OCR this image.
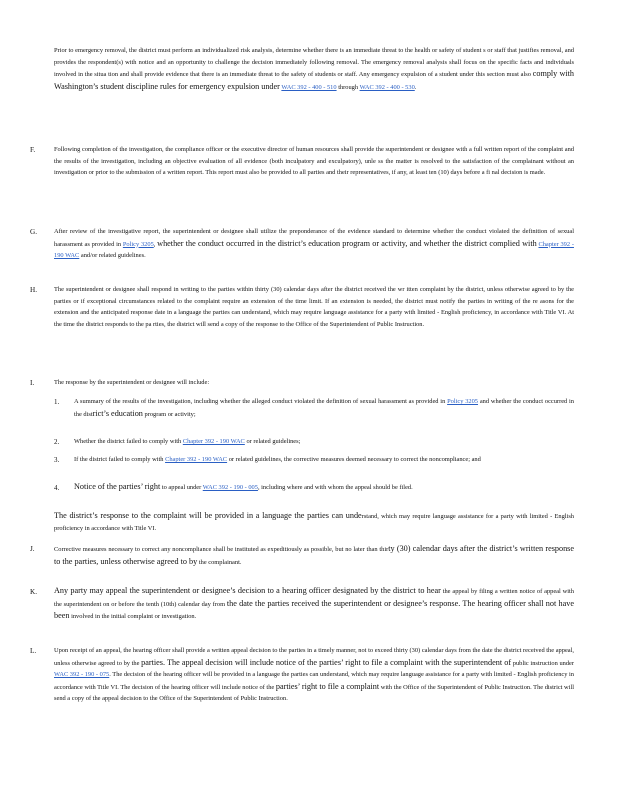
Prior to emergency removal, the district must perform an individualized risk analysis, determine whether there is an immediate threat to the health or safety of student s or staff that justifies removal, and provides the respondent(s) with notice and an opportunity to challenge the decision immediately following removal. The emergency removal analysis shall focus on the specific facts and individuals involved in the situa tion and shall provide evidence that there is an immediate threat to the safety of students or staff. Any emergency expulsion of a student under this section must also comply with Washington’s student discipline rules for emergency expulsion under WAC 392 - 400 - 510 through WAC 392 - 400 - 530.
F.	Following completion of the investigation, the compliance officer or the executive director of human resources shall provide the superintendent or designee with a full written report of the complaint and the results of the investigation, including an objective evaluation of all evidence (both inculpatory and exculpatory), unle ss the matter is resolved to the satisfaction of the complainant without an investigation or prior to the submission of a written report. This report must also be provided to all parties and their representatives, if any, at least ten (10) days before a fi nal decision is made.
G.	After review of the investigative report, the superintendent or designee shall utilize the preponderance of the evidence standard to determine whether the conduct violated the definition of sexual harassment as provided in Policy 3205, whether the conduct occurred in the district’s education program or activity, and whether the district complied with Chapter 392 - 190 WAC and/or related guidelines.
H.	The superintendent or designee shall respond in writing to the parties within thirty (30) calendar days after the district received the wr itten complaint by the district, unless otherwise agreed to by the parties or if exceptional circumstances related to the complaint require an extension of the time limit. If an extension is needed, the district must notify the parties in writing of the re asons for the extension and the anticipated response date in a language the parties can understand, which may require language assistance for a party with limited - English proficiency, in accordance with Title VI. At the time the district responds to the pa rties, the district will send a copy of the response to the Office of the Superintendent of Public Instruction.
I.	The response by the superintendent or designee will include:
1. A summary of the results of the investigation, including whether the alleged conduct violated the definition of sexual harassment as provided in Policy 3205 and whether the conduct occurred in the district’s education program or activity;
2. Whether the district failed to comply with Chapter 392 - 190 WAC or related guidelines;
3. If the district failed to comply with Chapter 392 - 190 WAC or related guidelines, the corrective measures deemed necessary to correct the noncompliance; and
4. Notice of the parties’ right to appeal under WAC 392 - 190 - 005, including where and with whom the appeal should be filed.
The district’s response to the complaint will be provided in a language the parties can understand, which may require language assistance for a party with limited - English proficiency in accordance with Title VI.
J.	Corrective measures necessary to correct any noncompliance shall be instituted as expeditiously as possible, but no later than thirty (30) calendar days after the district’s written response to the parties, unless otherwise agreed to by the complainant.
K. Any party may appeal the superintendent or designee’s decision to a hearing officer designated by the district to hear the appeal by filing a written notice of appeal with the superintendent on or before the tenth (10th) calendar day from the date the parties received the superintendent or designee’s response. The hearing officer shall not have been involved in the initial complaint or investigation.
L.	Upon receipt of an appeal, the hearing officer shall provide a written appeal decision to the parties in a timely manner, not to exceed thirty (30) calendar days from the date the district received the appeal, unless otherwise agreed to by the parties. The appeal decision will include notice of the parties’ right to file a complaint with the superintendent of public instruction under WAC 392 - 190 - 075. The decision of the hearing officer will be provided in a language the parties can understand, which may require language assistance for a party with limited - English proficiency in accordance with Title VI. The decision of the hearing officer will include notice of the parties’ right to file a complaint with the Office of the Superintendent of Public Instruction. The district will send a copy of the appeal decision to the Office of the Superintendent of Public Instruction.
